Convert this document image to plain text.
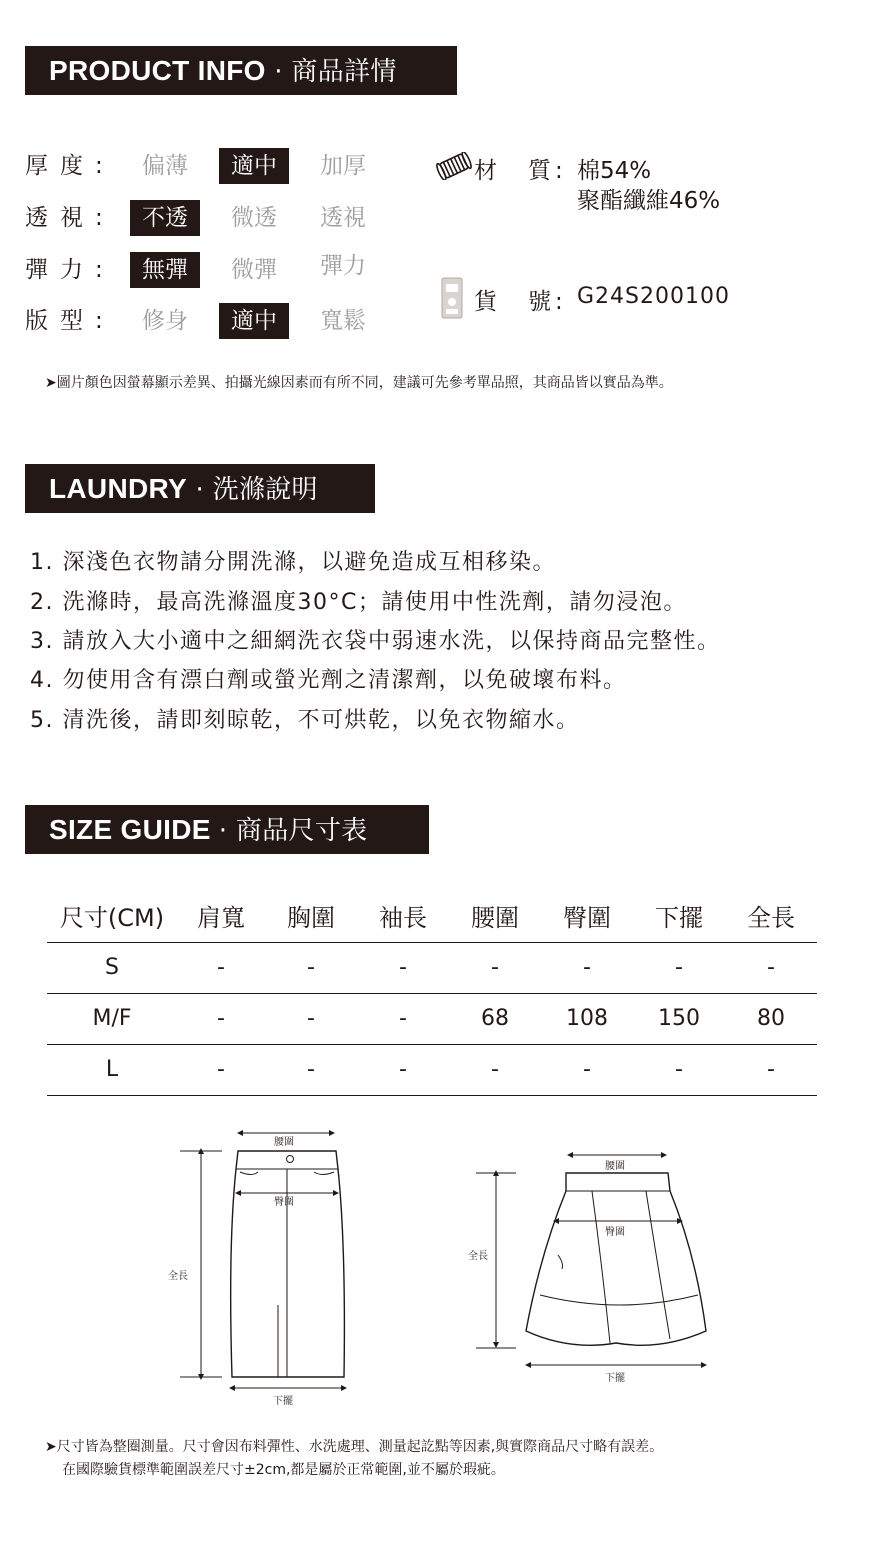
PRODUCT INFO · 商品詳情
厚度:	偏薄	適中	加厚
透視:	不透	微透	透視
彈力:	無彈	微彈	彈力
版型:	修身	適中	寬鬆
材　質: 棉54%
聚酯纖維46%
貨　號: G24S200100
➤圖片顏色因螢幕顯示差異、拍攝光線因素而有所不同，建議可先參考單品照，其商品皆以實品為準。
LAUNDRY · 洗滌說明
1. 深淺色衣物請分開洗滌，以避免造成互相移染。
2. 洗滌時，最高洗滌溫度30°C；請使用中性洗劑，請勿浸泡。
3. 請放入大小適中之細網洗衣袋中弱速水洗，以保持商品完整性。
4. 勿使用含有漂白劑或螢光劑之清潔劑，以免破壞布料。
5. 清洗後，請即刻晾乾，不可烘乾，以免衣物縮水。
SIZE GUIDE · 商品尺寸表
尺寸(CM)	肩寬	胸圍	袖長	腰圍	臀圍	下擺	全長
S	-	-	-	-	-	-	-
M/F	-	-	-	68	108	150	80
L	-	-	-	-	-	-	-
腰圍
臀圍
全長
下擺
腰圍
臀圍
全長
下擺
➤尺寸皆為整圈測量。尺寸會因布料彈性、水洗處理、測量起訖點等因素,與實際商品尺寸略有誤差。
在國際驗貨標準範圍誤差尺寸±2cm,都是屬於正常範圍,並不屬於瑕疵。
